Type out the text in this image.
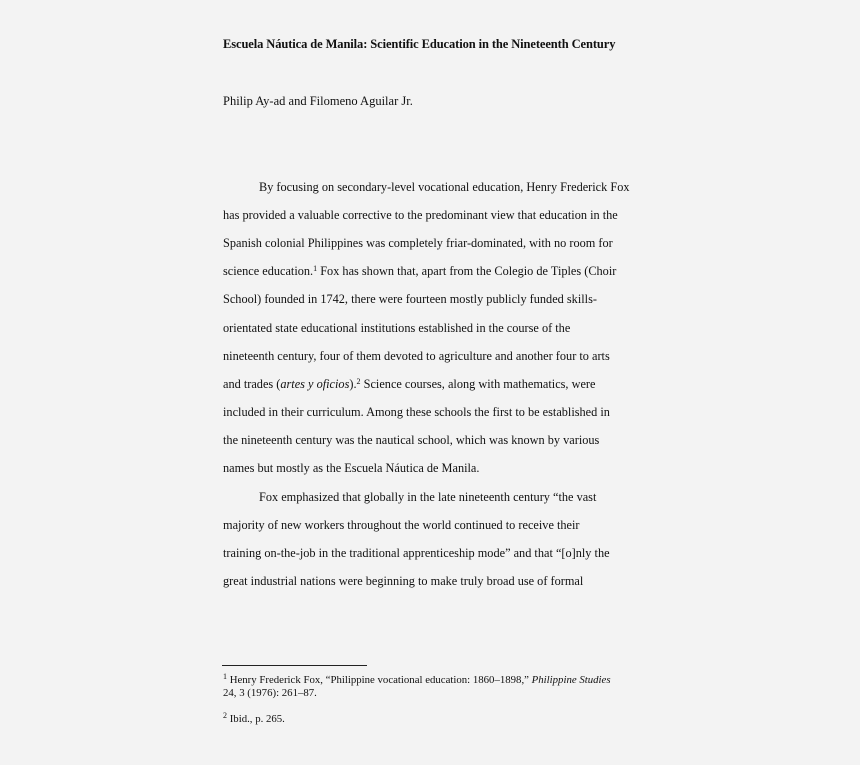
Escuela Náutica de Manila: Scientific Education in the Nineteenth Century
Philip Ay-ad and Filomeno Aguilar Jr.
By focusing on secondary-level vocational education, Henry Frederick Fox
has provided a valuable corrective to the predominant view that education in the
Spanish colonial Philippines was completely friar-dominated, with no room for
science education.$^1$ Fox has shown that, apart from the Colegio de Tiples (Choir
School) founded in 1742, there were fourteen mostly publicly funded skills-
orientated state educational institutions established in the course of the
nineteenth century, four of them devoted to agriculture and another four to arts
and trades (artes y oficios).$^2$ Science courses, along with mathematics, were
included in their curriculum. Among these schools the first to be established in
the nineteenth century was the nautical school, which was known by various
names but mostly as the Escuela Náutica de Manila.
Fox emphasized that globally in the late nineteenth century “the vast
majority of new workers throughout the world continued to receive their
training on-the-job in the traditional apprenticeship mode” and that “[o]nly the
great industrial nations were beginning to make truly broad use of formal
$^1$ Henry Frederick Fox, “Philippine vocational education: 1860–1898,” Philippine Studies
24, 3 (1976): 261–87.
$^2$ Ibid., p. 265.
